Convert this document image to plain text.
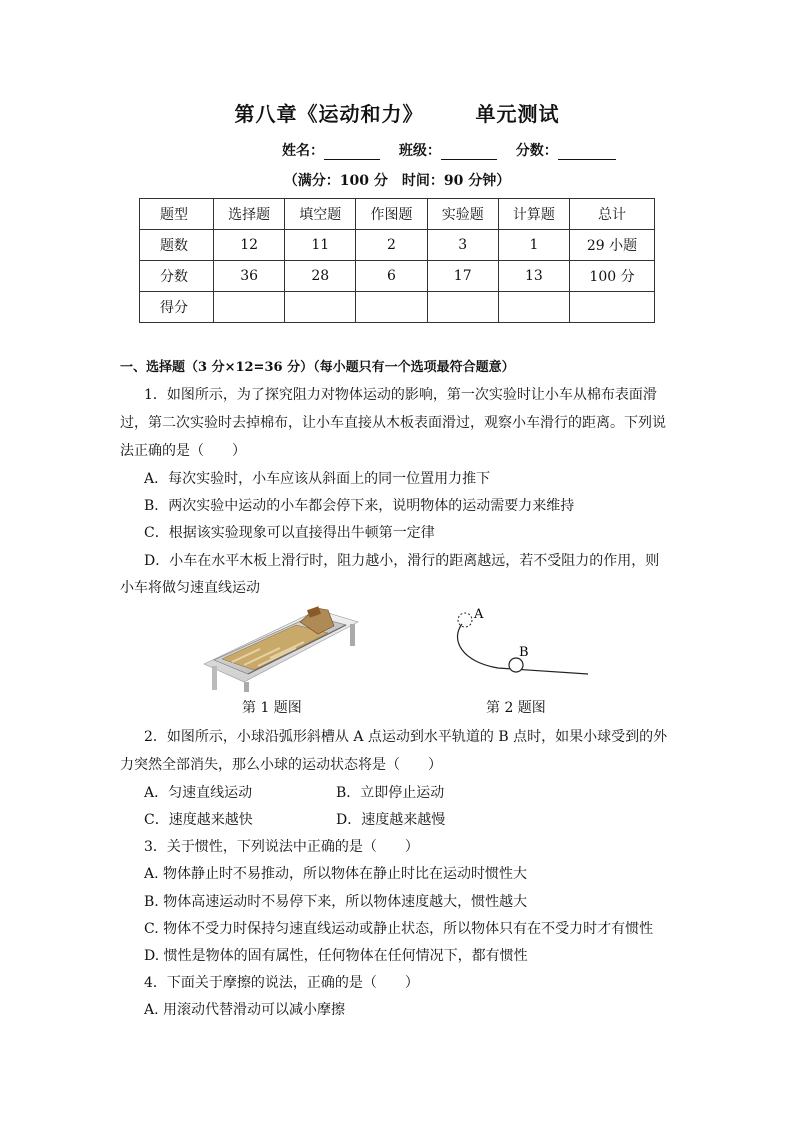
第八章《运动和力》	单元测试
姓名：	班级：	分数：
（满分：100 分　时间：90 分钟）
题型	选择题	填空题	作图题	实验题	计算题	总计
题数	12	11	2	3	1	29 小题
分数	36	28	6	17	13	100 分
得分						
一、选择题（3 分×12=36 分）（每小题只有一个选项最符合题意）
1．如图所示，为了探究阻力对物体运动的影响，第一次实验时让小车从棉布表面滑
过，第二次实验时去掉棉布，让小车直接从木板表面滑过，观察小车滑行的距离。下列说
法正确的是（　　）
A．每次实验时，小车应该从斜面上的同一位置用力推下
B．两次实验中运动的小车都会停下来，说明物体的运动需要力来维持
C．根据该实验现象可以直接得出牛顿第一定律
D．小车在水平木板上滑行时，阻力越小，滑行的距离越远，若不受阻力的作用，则
小车将做匀速直线运动
第 1 题图
A
B
第 2 题图
2．如图所示，小球沿弧形斜槽从 A 点运动到水平轨道的 B 点时，如果小球受到的外
力突然全部消失，那么小球的运动状态将是（　　）
A．匀速直线运动	B．立即停止运动
C．速度越来越快	D．速度越来越慢
3．关于惯性，下列说法中正确的是（　　）
A. 物体静止时不易推动，所以物体在静止时比在运动时惯性大
B. 物体高速运动时不易停下来，所以物体速度越大，惯性越大
C. 物体不受力时保持匀速直线运动或静止状态，所以物体只有在不受力时才有惯性
D. 惯性是物体的固有属性，任何物体在任何情况下，都有惯性
4．下面关于摩擦的说法，正确的是（　　）
A. 用滚动代替滑动可以减小摩擦
